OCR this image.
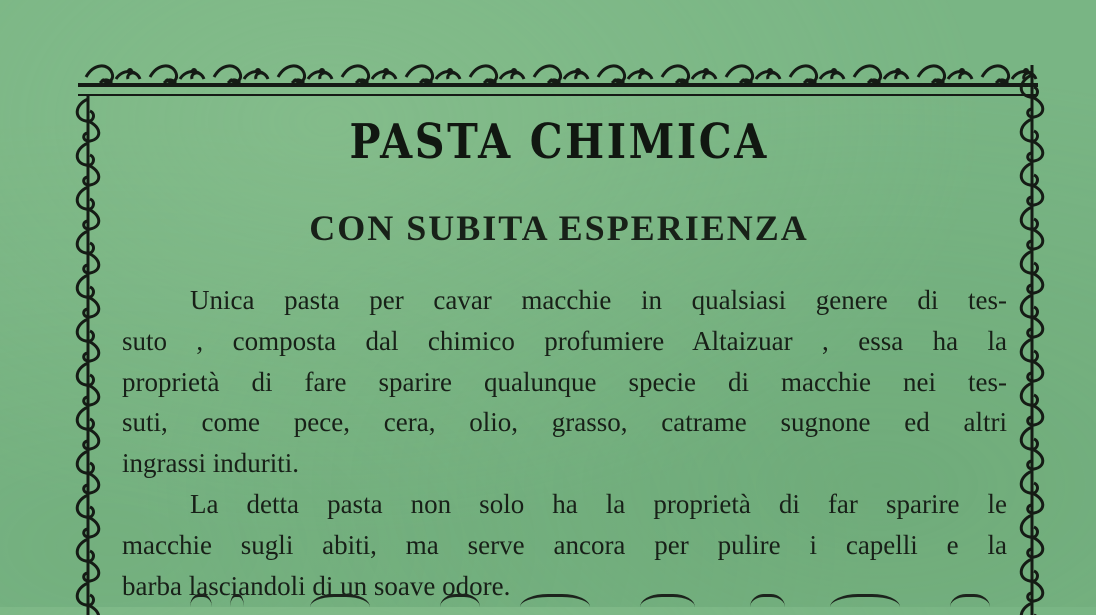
PASTA CHIMICA
CON SUBITA ESPERIENZA
Unica pasta per cavar macchie in qualsiasi genere di tes-
suto , composta dal chimico profumiere Altaizuar , essa ha la
proprietà di fare sparire qualunque specie di macchie nei tes-
suti, come pece, cera, olio, grasso, catrame sugnone ed altri
ingrassi induriti.
La detta pasta non solo ha la proprietà di far sparire le
macchie sugli abiti, ma serve ancora per pulire i capelli e la
barba lasciandoli di un soave odore.
